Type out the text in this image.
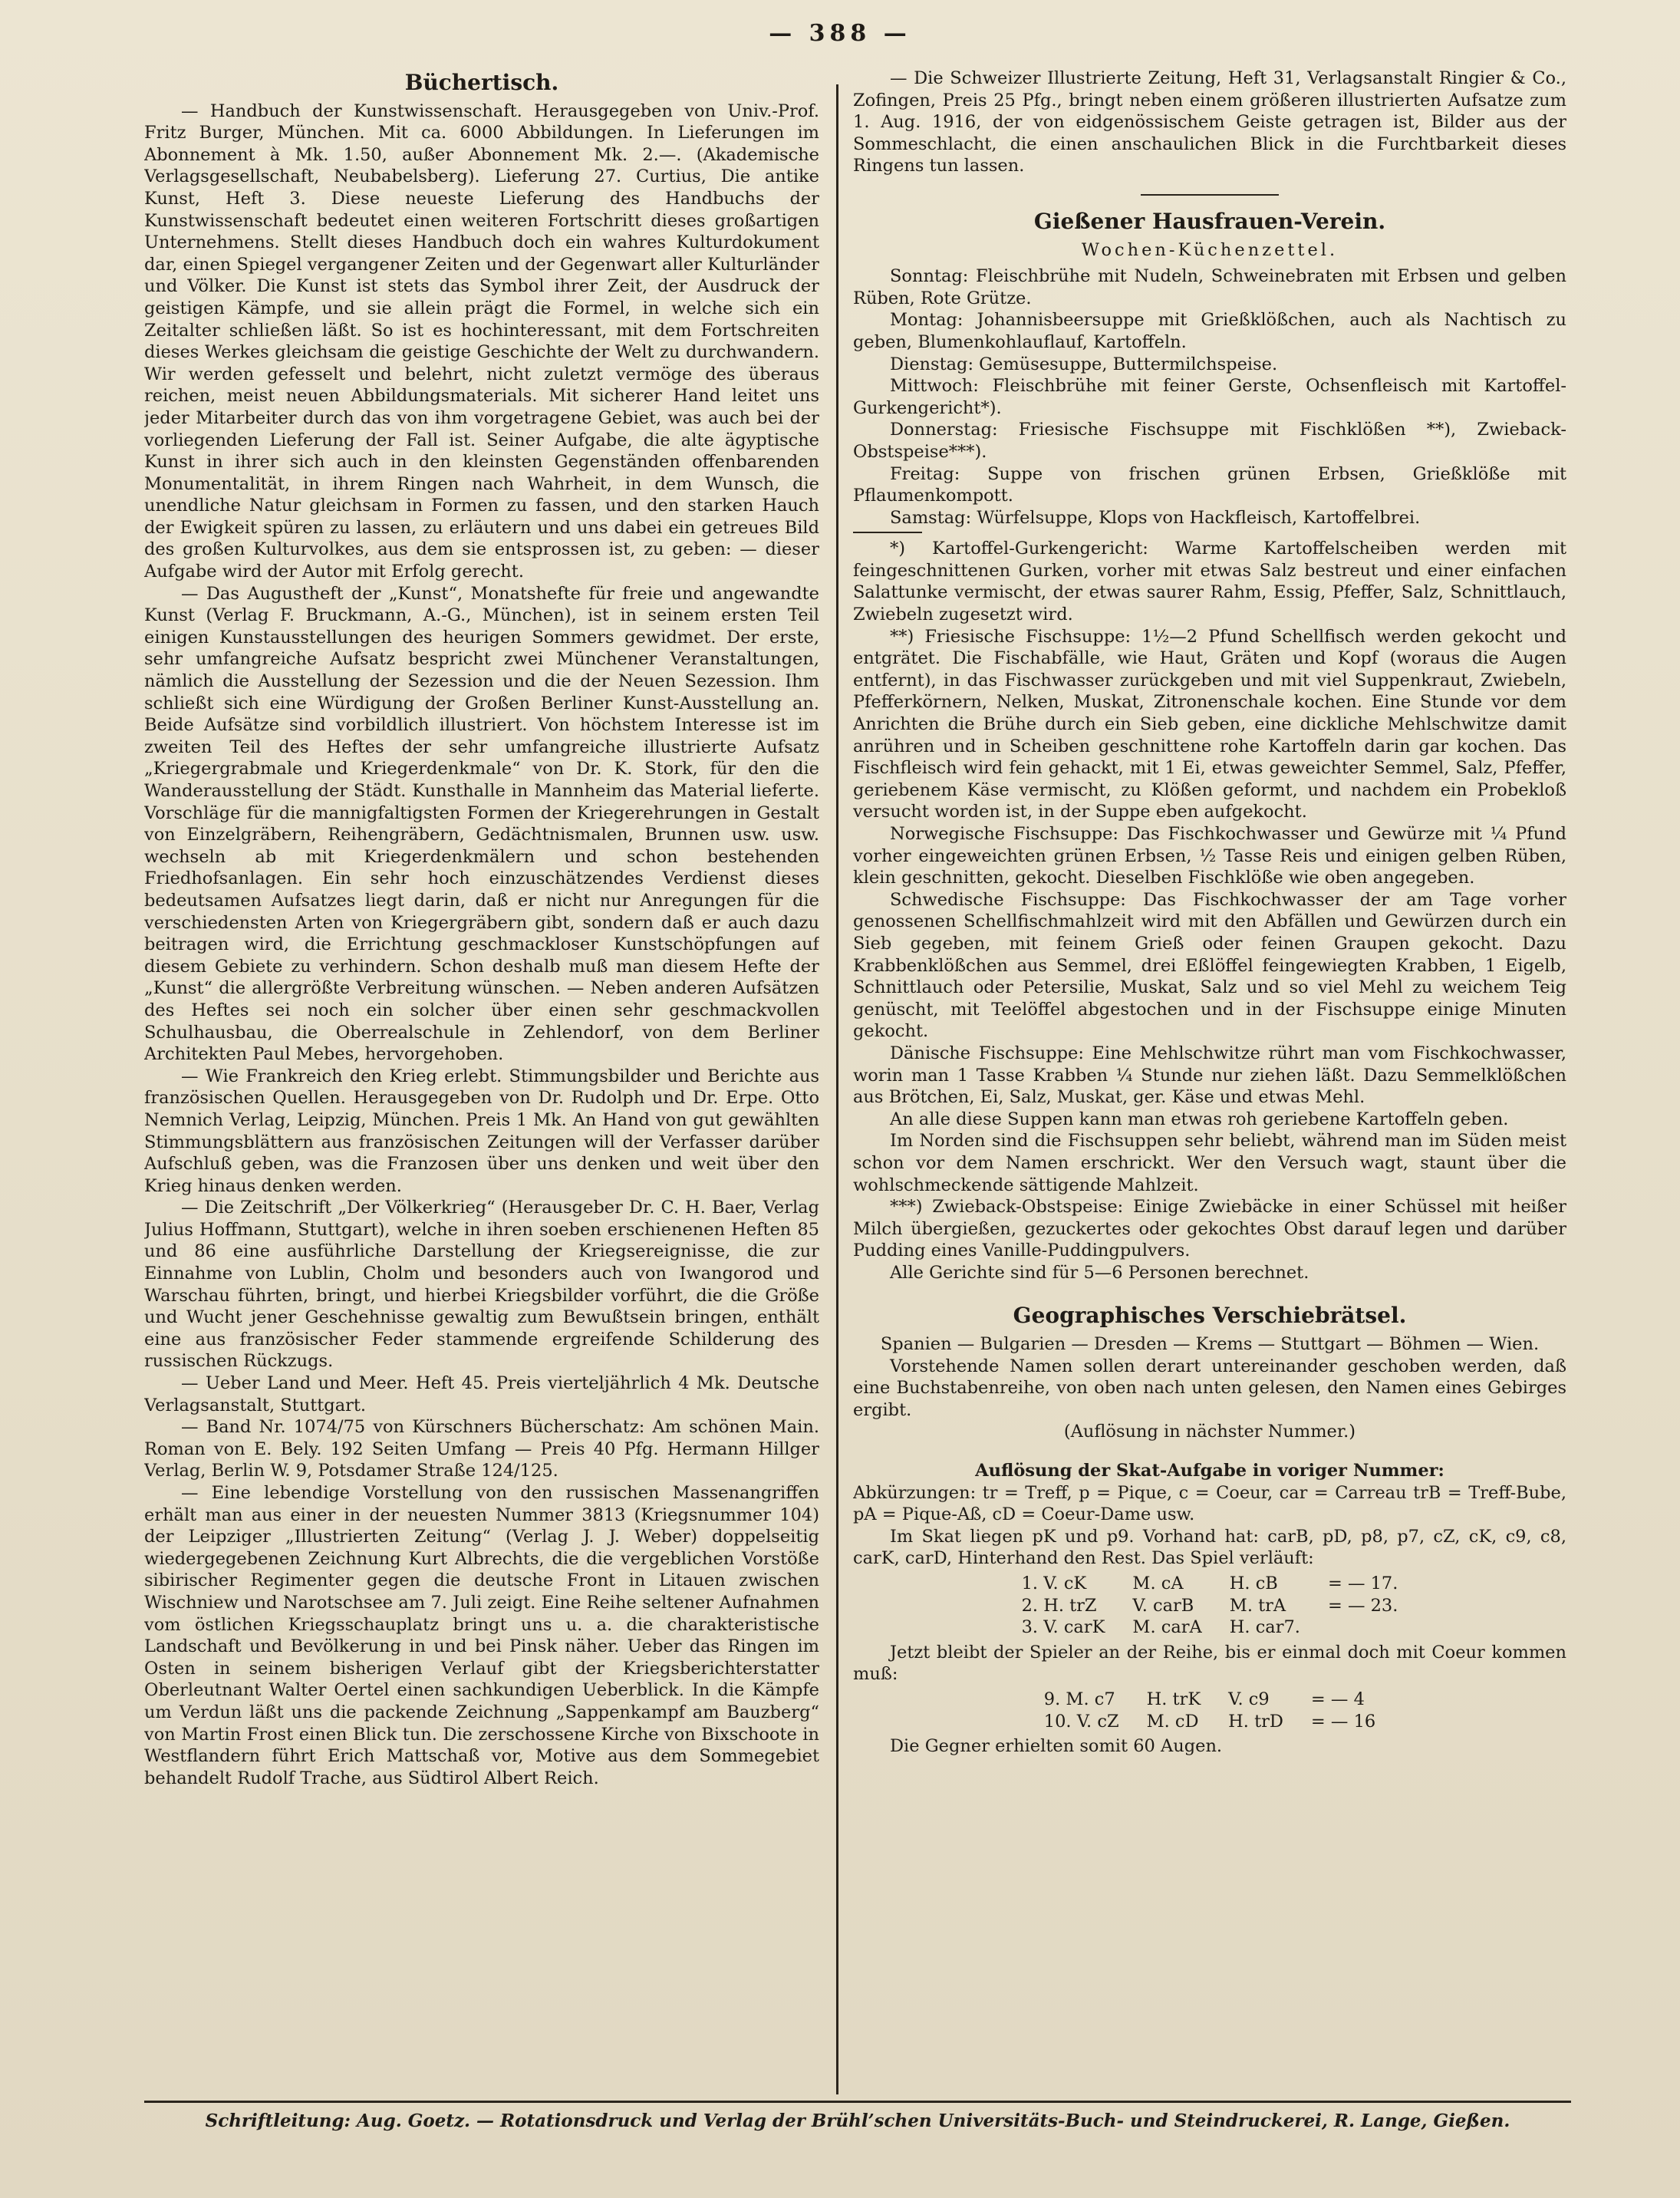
— 388 —
Büchertisch.

— Handbuch der Kunstwissenschaft. Herausgegeben von Univ.-Prof. Fritz Burger, München. Mit ca. 6000 Abbildungen. In Lieferungen im Abonnement à Mk. 1.50, außer Abonnement Mk. 2.—. (Akademische Verlagsgesellschaft, Neubabelsberg). Lieferung 27. Curtius, Die antike Kunst, Heft 3. Diese neueste Lieferung des Handbuchs der Kunstwissenschaft bedeutet einen weiteren Fortschritt dieses großartigen Unternehmens. Stellt dieses Handbuch doch ein wahres Kulturdokument dar, einen Spiegel vergangener Zeiten und der Gegenwart aller Kulturländer und Völker. Die Kunst ist stets das Symbol ihrer Zeit, der Ausdruck der geistigen Kämpfe, und sie allein prägt die Formel, in welche sich ein Zeitalter schließen läßt. So ist es hochinteressant, mit dem Fortschreiten dieses Werkes gleichsam die geistige Geschichte der Welt zu durchwandern. Wir werden gefesselt und belehrt, nicht zuletzt vermöge des überaus reichen, meist neuen Abbildungsmaterials. Mit sicherer Hand leitet uns jeder Mitarbeiter durch das von ihm vorgetragene Gebiet, was auch bei der vorliegenden Lieferung der Fall ist. Seiner Aufgabe, die alte ägyptische Kunst in ihrer sich auch in den kleinsten Gegenständen offenbarenden Monumentalität, in ihrem Ringen nach Wahrheit, in dem Wunsch, die unendliche Natur gleichsam in Formen zu fassen, und den starken Hauch der Ewigkeit spüren zu lassen, zu erläutern und uns dabei ein getreues Bild des großen Kulturvolkes, aus dem sie entsprossen ist, zu geben: — dieser Aufgabe wird der Autor mit Erfolg gerecht.

— Das Augustheft der „Kunst“, Monatshefte für freie und angewandte Kunst (Verlag F. Bruckmann, A.-G., München), ist in seinem ersten Teil einigen Kunstausstellungen des heurigen Sommers gewidmet. Der erste, sehr umfangreiche Aufsatz bespricht zwei Münchener Veranstaltungen, nämlich die Ausstellung der Sezession und die der Neuen Sezession. Ihm schließt sich eine Würdigung der Großen Berliner Kunst-Ausstellung an. Beide Aufsätze sind vorbildlich illustriert. Von höchstem Interesse ist im zweiten Teil des Heftes der sehr umfangreiche illustrierte Aufsatz „Kriegergrabmale und Kriegerdenkmale“ von Dr. K. Stork, für den die Wanderausstellung der Städt. Kunsthalle in Mannheim das Material lieferte. Vorschläge für die mannigfaltigsten Formen der Kriegerehrungen in Gestalt von Einzelgräbern, Reihengräbern, Gedächtnismalen, Brunnen usw. usw. wechseln ab mit Kriegerdenkmälern und schon bestehenden Friedhofsanlagen. Ein sehr hoch einzuschätzendes Verdienst dieses bedeutsamen Aufsatzes liegt darin, daß er nicht nur Anregungen für die verschiedensten Arten von Kriegergräbern gibt, sondern daß er auch dazu beitragen wird, die Errichtung geschmackloser Kunstschöpfungen auf diesem Gebiete zu verhindern. Schon deshalb muß man diesem Hefte der „Kunst“ die allergrößte Verbreitung wünschen. — Neben anderen Aufsätzen des Heftes sei noch ein solcher über einen sehr geschmackvollen Schulhausbau, die Oberrealschule in Zehlendorf, von dem Berliner Architekten Paul Mebes, hervorgehoben.

— Wie Frankreich den Krieg erlebt. Stimmungsbilder und Berichte aus französischen Quellen. Herausgegeben von Dr. Rudolph und Dr. Erpe. Otto Nemnich Verlag, Leipzig, München. Preis 1 Mk. An Hand von gut gewählten Stimmungsblättern aus französischen Zeitungen will der Verfasser darüber Aufschluß geben, was die Franzosen über uns denken und weit über den Krieg hinaus denken werden.

— Die Zeitschrift „Der Völkerkrieg“ (Herausgeber Dr. C. H. Baer, Verlag Julius Hoffmann, Stuttgart), welche in ihren soeben erschienenen Heften 85 und 86 eine ausführliche Darstellung der Kriegsereignisse, die zur Einnahme von Lublin, Cholm und besonders auch von Iwangorod und Warschau führten, bringt, und hierbei Kriegsbilder vorführt, die die Größe und Wucht jener Geschehnisse gewaltig zum Bewußtsein bringen, enthält eine aus französischer Feder stammende ergreifende Schilderung des russischen Rückzugs.

— Ueber Land und Meer. Heft 45. Preis vierteljährlich 4 Mk. Deutsche Verlagsanstalt, Stuttgart.

— Band Nr. 1074/75 von Kürschners Bücherschatz: Am schönen Main. Roman von E. Bely. 192 Seiten Umfang — Preis 40 Pfg. Hermann Hillger Verlag, Berlin W. 9, Potsdamer Straße 124/125.

— Eine lebendige Vorstellung von den russischen Massenangriffen erhält man aus einer in der neuesten Nummer 3813 (Kriegsnummer 104) der Leipziger „Illustrierten Zeitung“ (Verlag J. J. Weber) doppelseitig wiedergegebenen Zeichnung Kurt Albrechts, die die vergeblichen Vorstöße sibirischer Regimenter gegen die deutsche Front in Litauen zwischen Wischniew und Narotschsee am 7. Juli zeigt. Eine Reihe seltener Aufnahmen vom östlichen Kriegsschauplatz bringt uns u. a. die charakteristische Landschaft und Bevölkerung in und bei Pinsk näher. Ueber das Ringen im Osten in seinem bisherigen Verlauf gibt der Kriegsberichterstatter Oberleutnant Walter Oertel einen sachkundigen Ueberblick. In die Kämpfe um Verdun läßt uns die packende Zeichnung „Sappenkampf am Bauzberg“ von Martin Frost einen Blick tun. Die zerschossene Kirche von Bixschoote in Westflandern führt Erich Mattschaß vor, Motive aus dem Sommegebiet behandelt Rudolf Trache, aus Südtirol Albert Reich.

— Die Schweizer Illustrierte Zeitung, Heft 31, Verlagsanstalt Ringier & Co., Zofingen, Preis 25 Pfg., bringt neben einem größeren illustrierten Aufsatze zum 1. Aug. 1916, der von eidgenössischem Geiste getragen ist, Bilder aus der Sommeschlacht, die einen anschaulichen Blick in die Furchtbarkeit dieses Ringens tun lassen.

Gießener Hausfrauen-Verein.
Wochen-Küchenzettel.

Sonntag: Fleischbrühe mit Nudeln, Schweinebraten mit Erbsen und gelben Rüben, Rote Grütze.

Montag: Johannisbeersuppe mit Grießklößchen, auch als Nachtisch zu geben, Blumenkohlauflauf, Kartoffeln.

Dienstag: Gemüsesuppe, Buttermilchspeise.

Mittwoch: Fleischbrühe mit feiner Gerste, Ochsenfleisch mit Kartoffel-Gurkengericht*).

Donnerstag: Friesische Fischsuppe mit Fischklößen **), Zwieback-Obstspeise***).

Freitag: Suppe von frischen grünen Erbsen, Grießklöße mit Pflaumenkompott.

Samstag: Würfelsuppe, Klops von Hackfleisch, Kartoffelbrei.

*) Kartoffel-Gurkengericht: Warme Kartoffelscheiben werden mit feingeschnittenen Gurken, vorher mit etwas Salz bestreut und einer einfachen Salattunke vermischt, der etwas saurer Rahm, Essig, Pfeffer, Salz, Schnittlauch, Zwiebeln zugesetzt wird.

**) Friesische Fischsuppe: 1½—2 Pfund Schellfisch werden gekocht und entgrätet. Die Fischabfälle, wie Haut, Gräten und Kopf (woraus die Augen entfernt), in das Fischwasser zurückgeben und mit viel Suppenkraut, Zwiebeln, Pfefferkörnern, Nelken, Muskat, Zitronenschale kochen. Eine Stunde vor dem Anrichten die Brühe durch ein Sieb geben, eine dickliche Mehlschwitze damit anrühren und in Scheiben geschnittene rohe Kartoffeln darin gar kochen. Das Fischfleisch wird fein gehackt, mit 1 Ei, etwas geweichter Semmel, Salz, Pfeffer, geriebenem Käse vermischt, zu Klößen geformt, und nachdem ein Probekloß versucht worden ist, in der Suppe eben aufgekocht.

Norwegische Fischsuppe: Das Fischkochwasser und Gewürze mit ¼ Pfund vorher eingeweichten grünen Erbsen, ½ Tasse Reis und einigen gelben Rüben, klein geschnitten, gekocht. Dieselben Fischklöße wie oben angegeben.

Schwedische Fischsuppe: Das Fischkochwasser der am Tage vorher genossenen Schellfischmahlzeit wird mit den Abfällen und Gewürzen durch ein Sieb gegeben, mit feinem Grieß oder feinen Graupen gekocht. Dazu Krabbenklößchen aus Semmel, drei Eßlöffel feingewiegten Krabben, 1 Eigelb, Schnittlauch oder Petersilie, Muskat, Salz und so viel Mehl zu weichem Teig genüscht, mit Teelöffel abgestochen und in der Fischsuppe einige Minuten gekocht.

Dänische Fischsuppe: Eine Mehlschwitze rührt man vom Fischkochwasser, worin man 1 Tasse Krabben ¼ Stunde nur ziehen läßt. Dazu Semmelklößchen aus Brötchen, Ei, Salz, Muskat, ger. Käse und etwas Mehl.

An alle diese Suppen kann man etwas roh geriebene Kartoffeln geben.

Im Norden sind die Fischsuppen sehr beliebt, während man im Süden meist schon vor dem Namen erschrickt. Wer den Versuch wagt, staunt über die wohlschmeckende sättigende Mahlzeit.

***) Zwieback-Obstspeise: Einige Zwiebäcke in einer Schüssel mit heißer Milch übergießen, gezuckertes oder gekochtes Obst darauf legen und darüber Pudding eines Vanille-Puddingpulvers.

Alle Gerichte sind für 5—6 Personen berechnet.

Geographisches Verschiebrätsel.

Spanien — Bulgarien — Dresden — Krems — Stuttgart — Böhmen — Wien.

Vorstehende Namen sollen derart untereinander geschoben werden, daß eine Buchstabenreihe, von oben nach unten gelesen, den Namen eines Gebirges ergibt.

(Auflösung in nächster Nummer.)

Auflösung der Skat-Aufgabe in voriger Nummer:

Abkürzungen: tr = Treff, p = Pique, c = Coeur, car = Carreau trB = Treff-Bube, pA = Pique-Aß, cD = Coeur-Dame usw.

Im Skat liegen pK und p9. Vorhand hat: carB, pD, p8, p7, cZ, cK, c9, c8, carK, carD, Hinterhand den Rest. Das Spiel verläuft:

1. V. cK	M. cA	H. cB	= — 17.
2. H. trZ	V. carB	M. trA	= — 23.
3. V. carK	M. carA	H. car7.	

Jetzt bleibt der Spieler an der Reihe, bis er einmal doch mit Coeur kommen muß:

9. M. c7	H. trK	V. c9	= — 4
10. V. cZ	M. cD	H. trD	= — 16

Die Gegner erhielten somit 60 Augen.

Schriftleitung: Aug. Goetz. — Rotationsdruck und Verlag der Brühl’schen Universitäts-Buch- und Steindruckerei, R. Lange, Gießen.
